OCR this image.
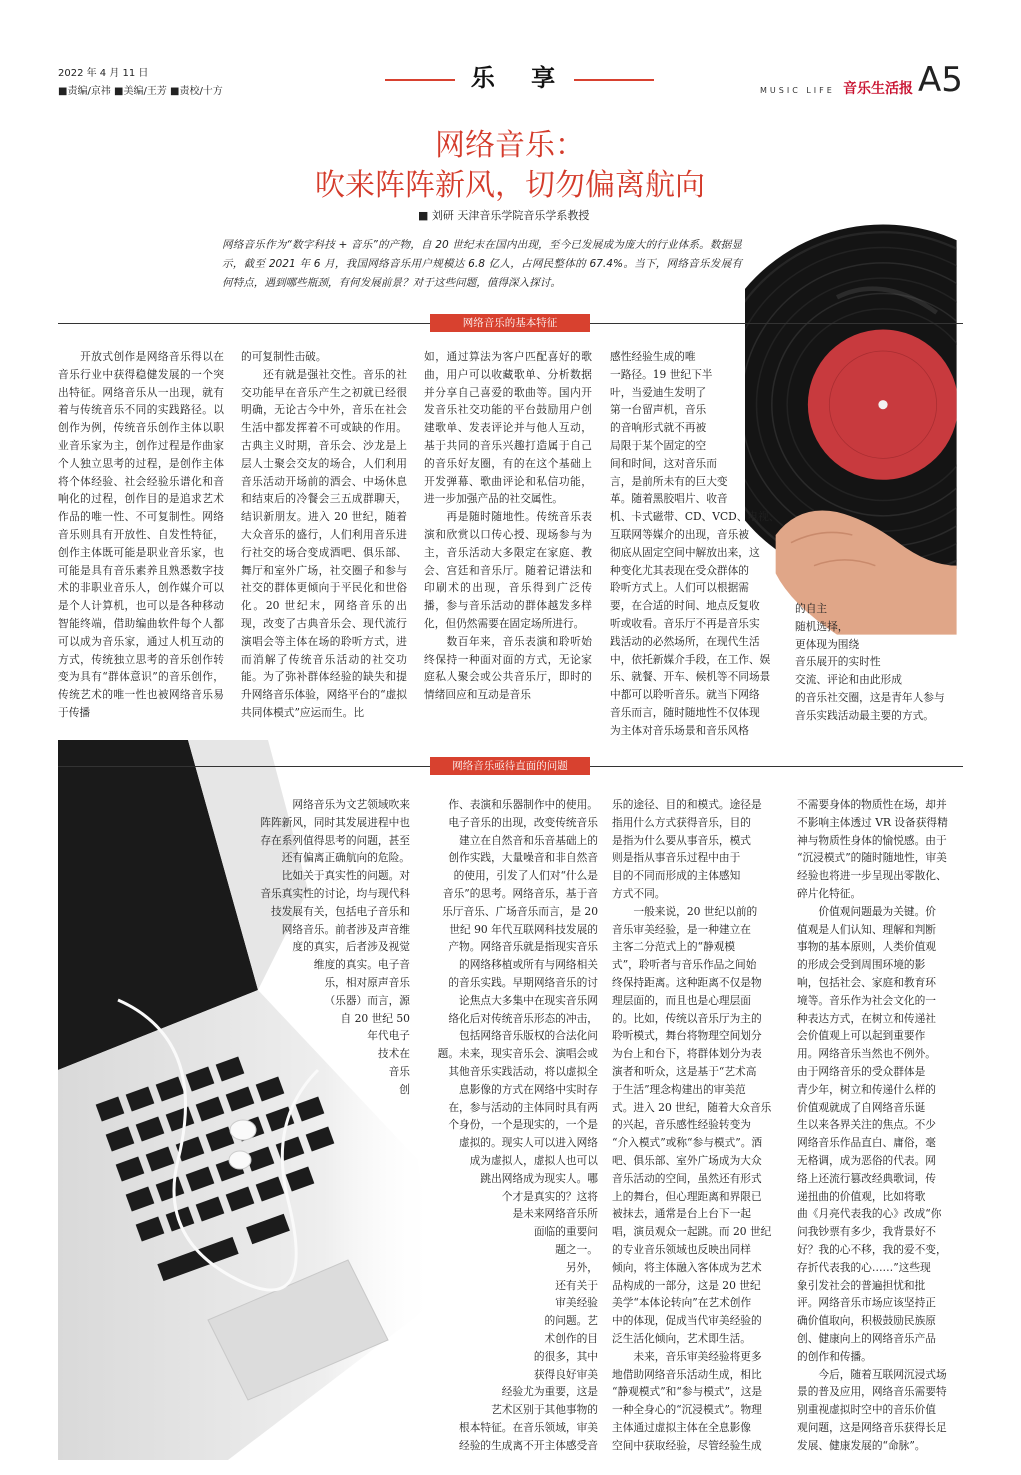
2022 年 4 月 11 日
■责编/京祎 ■美编/王芳 ■责校/十方	乐 享	MUSIC LIFE 音乐生活报 A5
网络音乐：
吹来阵阵新风，切勿偏离航向
■ 刘研 天津音乐学院音乐学系教授
网络音乐作为“数字科技 + 音乐”的产物，自 20 世纪末在国内出现，至今已发展成为庞大的行业体系。数据显示，截至 2021 年 6 月，我国网络音乐用户规模达 6.8 亿人，占网民整体的 67.4%。当下，网络音乐发展有何特点，遇到哪些瓶颈，有何发展前景？对于这些问题，值得深入探讨。
网络音乐的基本特征
　　开放式创作是网络音乐得以在音乐行业中获得稳健发展的一个突出特征。网络音乐从一出现，就有着与传统音乐不同的实践路径。以创作为例，传统音乐创作主体以职业音乐家为主，创作过程是作曲家个人独立思考的过程，是创作主体将个体经验、社会经验乐谱化和音响化的过程，创作目的是追求艺术作品的唯一性、不可复制性。网络音乐则具有开放性、自发性特征，创作主体既可能是职业音乐家，也可能是具有音乐素养且熟悉数字技术的非职业音乐人，创作媒介可以是个人计算机，也可以是各种移动智能终端，借助编曲软件每个人都可以成为音乐家，通过人机互动的方式，传统独立思考的音乐创作转变为具有“群体意识”的音乐创作，传统艺术的唯一性也被网络音乐易于传播
的可复制性击破。
　　还有就是强社交性。音乐的社交功能早在音乐产生之初就已经很明确，无论古今中外，音乐在社会生活中都发挥着不可或缺的作用。古典主义时期，音乐会、沙龙是上层人士聚会交友的场合，人们利用音乐活动开场前的酒会、中场休息和结束后的冷餐会三五成群聊天，结识新朋友。进入 20 世纪，随着大众音乐的盛行，人们利用音乐进行社交的场合变成酒吧、俱乐部、舞厅和室外广场，社交圈子和参与社交的群体更倾向于平民化和世俗化。20 世纪末，网络音乐的出现，改变了古典音乐会、现代流行演唱会等主体在场的聆听方式，进而消解了传统音乐活动的社交功能。为了弥补群体经验的缺失和提升网络音乐体验，网络平台的“虚拟共同体模式”应运而生。比
如，通过算法为客户匹配喜好的歌曲，用户可以收藏歌单、分析数据并分享自己喜爱的歌曲等。国内开发音乐社交功能的平台鼓励用户创建歌单、发表评论并与他人互动，基于共同的音乐兴趣打造属于自己的音乐好友圈，有的在这个基础上开发弹幕、歌曲评论和私信功能，进一步加强产品的社交属性。
　　再是随时随地性。传统音乐表演和欣赏以口传心授、现场参与为主，音乐活动大多限定在家庭、教会、宫廷和音乐厅。随着记谱法和印刷术的出现，音乐得到广泛传播，参与音乐活动的群体越发多样化，但仍然需要在固定场所进行。
　　数百年来，音乐表演和聆听始终保持一种面对面的方式，无论家庭私人聚会或公共音乐厅，即时的情绪回应和互动是音乐
感性经验生成的唯
一路径。19 世纪下半
叶，当爱迪生发明了
第一台留声机，音乐
的音响形式就不再被
局限于某个固定的空
间和时间，这对音乐而
言，是前所未有的巨大变
革。随着黑胶唱片、收音
机、卡式磁带、CD、VCD、电视、
互联网等媒介的出现，音乐被
彻底从固定空间中解放出来，这
种变化尤其表现在受众群体的
聆听方式上。人们可以根据需
要，在合适的时间、地点反复收
听或收看。音乐厅不再是音乐实
践活动的必然场所，在现代生活
中，依托新媒介手段，在工作、娱
乐、就餐、开车、候机等不同场景
中都可以聆听音乐。就当下网络
音乐而言，随时随地性不仅体现
为主体对音乐场景和音乐风格
的自主
随机选择，
更体现为围绕
音乐展开的实时性
交流、评论和由此形成
的音乐社交圈，这是青年人参与
音乐实践活动最主要的方式。
网络音乐亟待直面的问题
　　网络音乐为文艺领域吹来
阵阵新风，同时其发展进程中也
存在系列值得思考的问题，甚至
还有偏离正确航向的危险。
　　比如关于真实性的问题。对
音乐真实性的讨论，均与现代科
技发展有关，包括电子音乐和
网络音乐。前者涉及声音维
度的真实，后者涉及视觉
维度的真实。电子音
乐，相对原声音乐
（乐器）而言，源
自 20 世纪 50
年代电子
技术在
音乐
创
作、表演和乐器制作中的使用。
电子音乐的出现，改变传统音乐
建立在自然音和乐音基础上的
创作实践，大量噪音和非自然音
的使用，引发了人们对“什么是
音乐”的思考。网络音乐，基于音
乐厅音乐、广场音乐而言，是 20
世纪 90 年代互联网科技发展的
产物。网络音乐就是指现实音乐
的网络移植或所有与网络相关
的音乐实践。早期网络音乐的讨
论焦点大多集中在现实音乐网
络化后对传统音乐形态的冲击，
包括网络音乐版权的合法化问
题。未来，现实音乐会、演唱会或
其他音乐实践活动，将以虚拟全
息影像的方式在网络中实时存
在，参与活动的主体同时具有两
个身份，一个是现实的，一个是
虚拟的。现实人可以进入网络
成为虚拟人，虚拟人也可以
跳出网络成为现实人。哪
个才是真实的？这将
是未来网络音乐所
面临的重要问
题之一。
另外，
还有关于
审美经验
的问题。艺
术创作的目
的很多，其中
获得良好审美
经验尤为重要，这是
艺术区别于其他事物的
根本特征。在音乐领域，审美
经验的生成离不开主体感受音
乐的途径、目的和模式。途径是
指用什么方式获得音乐，目的
是指为什么要从事音乐，模式
则是指从事音乐过程中由于
目的不同而形成的主体感知
方式不同。
　　一般来说，20 世纪以前的
音乐审美经验，是一种建立在
主客二分范式上的“静观模
式”，聆听者与音乐作品之间始
终保持距离。这种距离不仅是物
理层面的，而且也是心理层面
的。比如，传统以音乐厅为主的
聆听模式，舞台将物理空间划分
为台上和台下，将群体划分为表
演者和听众，这是基于“艺术高
于生活”理念构建出的审美范
式。进入 20 世纪，随着大众音乐
的兴起，音乐感性经验转变为
“介入模式”或称“参与模式”。酒
吧、俱乐部、室外广场成为大众
音乐活动的空间，虽然还有形式
上的舞台，但心理距离和界限已
被抹去，通常是台上台下一起
唱，演员观众一起跳。而 20 世纪
的专业音乐领域也反映出同样
倾向，将主体融入客体成为艺术
品构成的一部分，这是 20 世纪
美学“本体论转向”在艺术创作
中的体现，促成当代审美经验的
泛生活化倾向，艺术即生活。
　　未来，音乐审美经验将更多
地借助网络音乐活动生成，相比
“静观模式”和“参与模式”，这是
一种全身心的“沉浸模式”。物理
主体通过虚拟主体在全息影像
空间中获取经验，尽管经验生成
不需要身体的物质性在场，却并
不影响主体透过 VR 设备获得精
神与物质性身体的愉悦感。由于
“沉浸模式”的随时随地性，审美
经验也将进一步呈现出零散化、
碎片化特征。
　　价值观问题最为关键。价
值观是人们认知、理解和判断
事物的基本原则，人类价值观
的形成会受到周围环境的影
响，包括社会、家庭和教育环
境等。音乐作为社会文化的一
种表达方式，在树立和传递社
会价值观上可以起到重要作
用。网络音乐当然也不例外。
由于网络音乐的受众群体是
青少年，树立和传递什么样的
价值观就成了自网络音乐诞
生以来各界关注的焦点。不少
网络音乐作品直白、庸俗，毫
无格调，成为恶俗的代表。网
络上还流行篡改经典歌词，传
递扭曲的价值观，比如将歌
曲《月亮代表我的心》改成“你
问我钞票有多少，我背景好不
好？我的心不移，我的爱不变，
存折代表我的心……”这些现
象引发社会的普遍担忧和批
评。网络音乐市场应该坚持正
确价值取向，积极鼓励民族原
创、健康向上的网络音乐产品
的创作和传播。
　　今后，随着互联网沉浸式场
景的普及应用，网络音乐需要特
别重视虚拟时空中的音乐价值
观问题，这是网络音乐获得长足
发展、健康发展的“命脉”。
